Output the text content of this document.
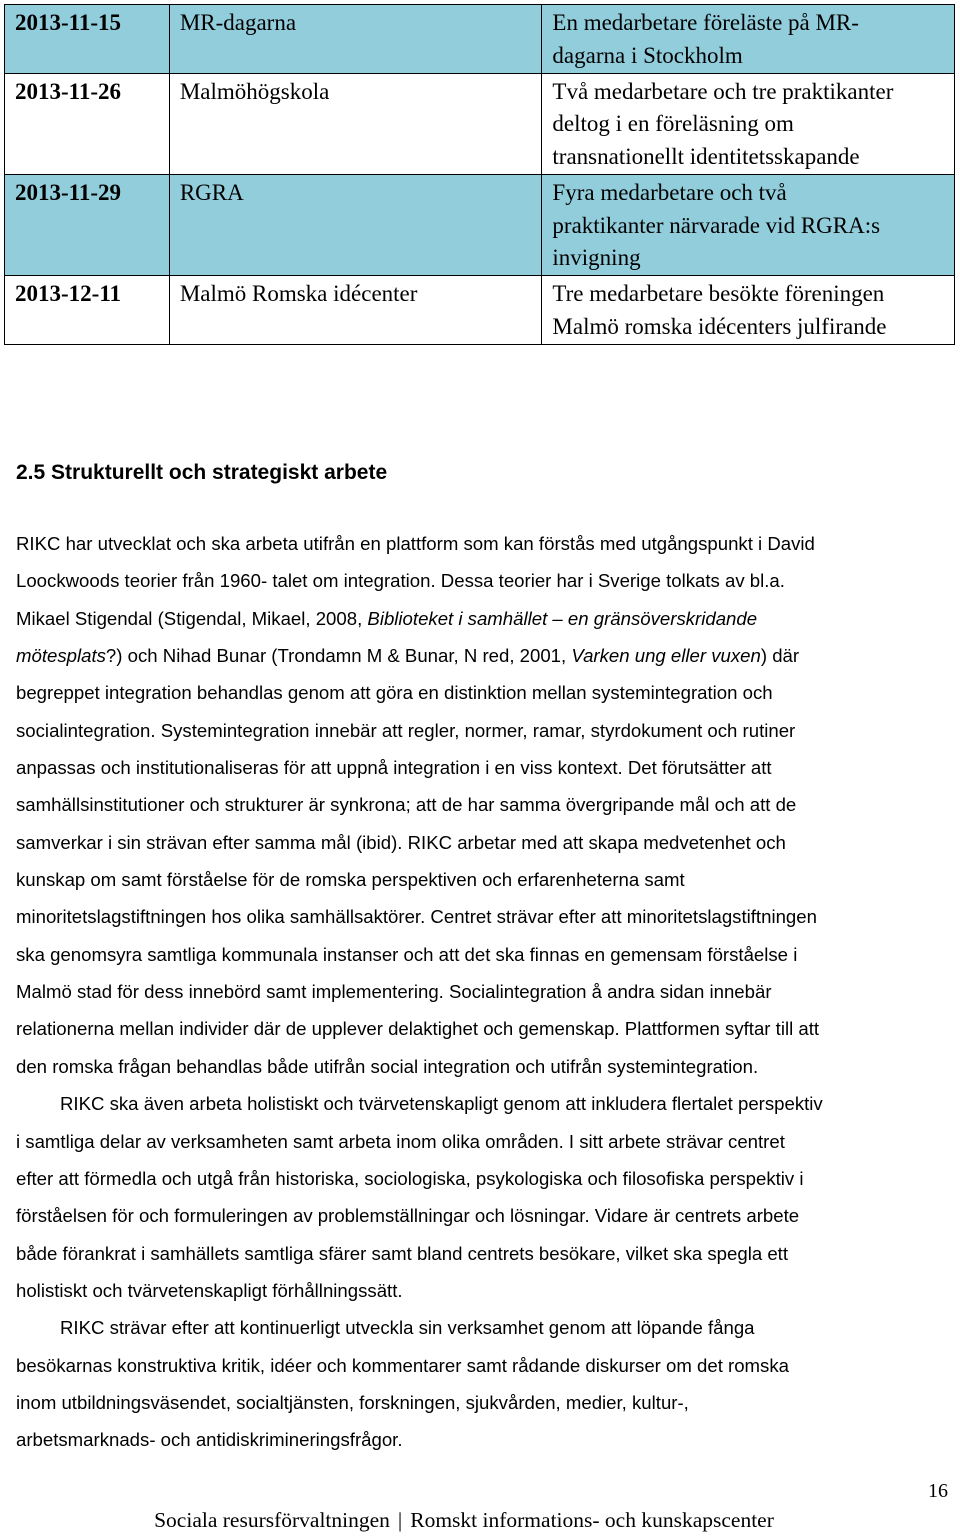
2013-11-15	MR-dagarna	En medarbetare föreläste på MR-
dagarna i Stockholm
2013-11-26	Malmöhögskola	Två medarbetare och tre praktikanter
deltog i en föreläsning om
transnationellt identitetsskapande
2013-11-29	RGRA	Fyra medarbetare och två
praktikanter närvarade vid RGRA:s
invigning
2013-12-11	Malmö Romska idécenter	Tre medarbetare besökte föreningen
Malmö romska idécenters julfirande
2.5 Strukturellt och strategiskt arbete

RIKC har utvecklat och ska arbeta utifrån en plattform som kan förstås med utgångspunkt i David
Loockwoods teorier från 1960- talet om integration. Dessa teorier har i Sverige tolkats av bl.a.
Mikael Stigendal (Stigendal, Mikael, 2008, Biblioteket i samhället – en gränsöverskridande
mötesplats?) och Nihad Bunar (Trondamn M & Bunar, N red, 2001, Varken ung eller vuxen) där
begreppet integration behandlas genom att göra en distinktion mellan systemintegration och
socialintegration. Systemintegration innebär att regler, normer, ramar, styrdokument och rutiner
anpassas och institutionaliseras för att uppnå integration i en viss kontext. Det förutsätter att
samhällsinstitutioner och strukturer är synkrona; att de har samma övergripande mål och att de
samverkar i sin strävan efter samma mål (ibid). RIKC arbetar med att skapa medvetenhet och
kunskap om samt förståelse för de romska perspektiven och erfarenheterna samt
minoritetslagstiftningen hos olika samhällsaktörer. Centret strävar efter att minoritetslagstiftningen
ska genomsyra samtliga kommunala instanser och att det ska finnas en gemensam förståelse i
Malmö stad för dess innebörd samt implementering. Socialintegration å andra sidan innebär
relationerna mellan individer där de upplever delaktighet och gemenskap. Plattformen syftar till att
den romska frågan behandlas både utifrån social integration och utifrån systemintegration.

RIKC ska även arbeta holistiskt och tvärvetenskapligt genom att inkludera flertalet perspektiv
i samtliga delar av verksamheten samt arbeta inom olika områden. I sitt arbete strävar centret
efter att förmedla och utgå från historiska, sociologiska, psykologiska och filosofiska perspektiv i
förståelsen för och formuleringen av problemställningar och lösningar. Vidare är centrets arbete
både förankrat i samhällets samtliga sfärer samt bland centrets besökare, vilket ska spegla ett
holistiskt och tvärvetenskapligt förhållningssätt.

RIKC strävar efter att kontinuerligt utveckla sin verksamhet genom att löpande fånga
besökarnas konstruktiva kritik, idéer och kommentarer samt rådande diskurser om det romska
inom utbildningsväsendet, socialtjänsten, forskningen, sjukvården, medier, kultur-,
arbetsmarknads- och antidiskrimineringsfrågor.

16
Sociala resursförvaltningen | Romskt informations- och kunskapscenter
